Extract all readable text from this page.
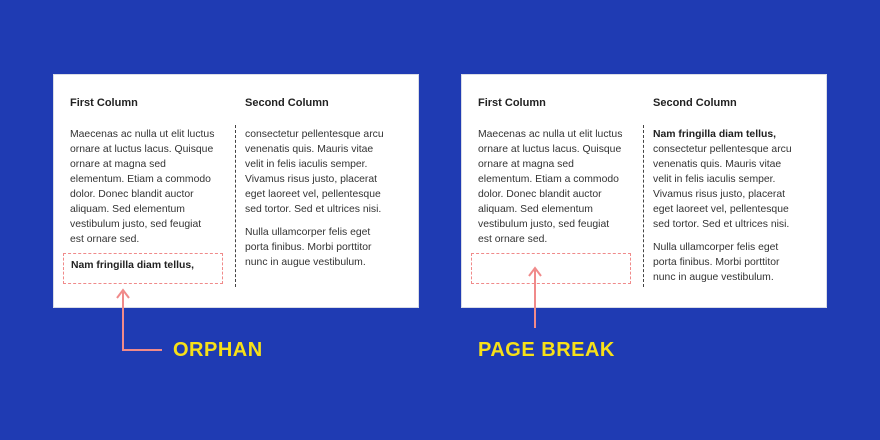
First Column	Second Column

Maecenas ac nulla ut elit luctus

ornare at luctus lacus. Quisque

ornare at magna sed

elementum. Etiam a commodo

dolor. Donec blandit auctor

aliquam. Sed elementum

vestibulum justo, sed feugiat

est ornare sed.

Nam fringilla diam tellus,

consectetur pellentesque arcu

venenatis quis. Mauris vitae

velit in felis iaculis semper.

Vivamus risus justo, placerat

eget laoreet vel, pellentesque

sed tortor. Sed et ultrices nisi.

Nulla ullamcorper felis eget

porta finibus. Morbi porttitor

nunc in augue vestibulum.

First Column	Second Column

Maecenas ac nulla ut elit luctus

ornare at luctus lacus. Quisque

ornare at magna sed

elementum. Etiam a commodo

dolor. Donec blandit auctor

aliquam. Sed elementum

vestibulum justo, sed feugiat

est ornare sed.

Nam fringilla diam tellus,

consectetur pellentesque arcu

venenatis quis. Mauris vitae

velit in felis iaculis semper.

Vivamus risus justo, placerat

eget laoreet vel, pellentesque

sed tortor. Sed et ultrices nisi.

Nulla ullamcorper felis eget

porta finibus. Morbi porttitor

nunc in augue vestibulum.

ORPHAN	PAGE BREAK
